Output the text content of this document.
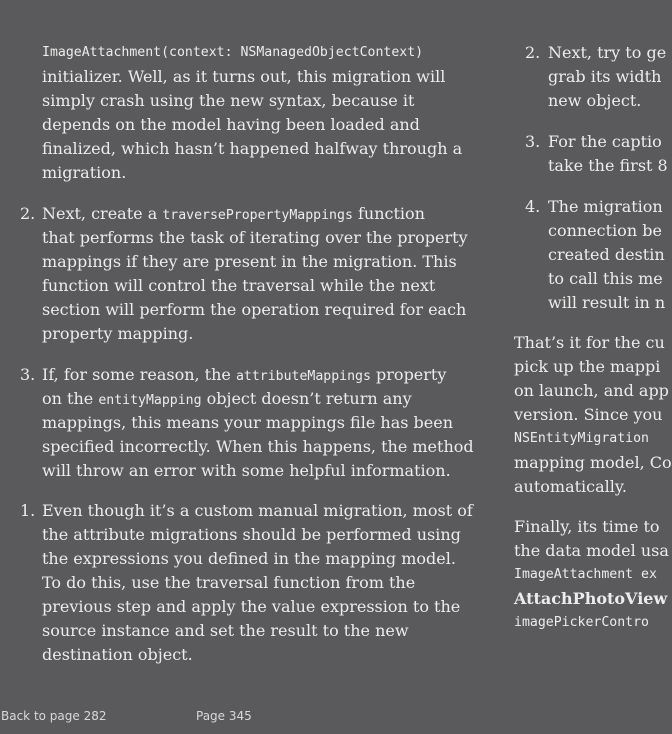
ImageAttachment(context: NSManagedObjectContext)
initializer. Well, as it turns out, this migration will
simply crash using the new syntax, because it
depends on the model having been loaded and
finalized, which hasn’t happened halfway through a
migration.
2. Next, create a traversePropertyMappings function
that performs the task of iterating over the property
mappings if they are present in the migration. This
function will control the traversal while the next
section will perform the operation required for each
property mapping.
3. If, for some reason, the attributeMappings property
on the entityMapping object doesn’t return any
mappings, this means your mappings file has been
specified incorrectly. When this happens, the method
will throw an error with some helpful information.
1. Even though it’s a custom manual migration, most of
the attribute migrations should be performed using
the expressions you defined in the mapping model.
To do this, use the traversal function from the
previous step and apply the value expression to the
source instance and set the result to the new
destination object.
2. Next, try to ge
grab its width
new object.
3. For the captio
take the first 8
4. The migration
connection be
created destin
to call this me
will result in n
That’s it for the cu
pick up the mappi
on launch, and app
version. Since you
NSEntityMigration
mapping model, Co
automatically.
Finally, its time to
the data model usa
ImageAttachment ex
AttachPhotoView
imagePickerContro
Back to page 282	Page 345
